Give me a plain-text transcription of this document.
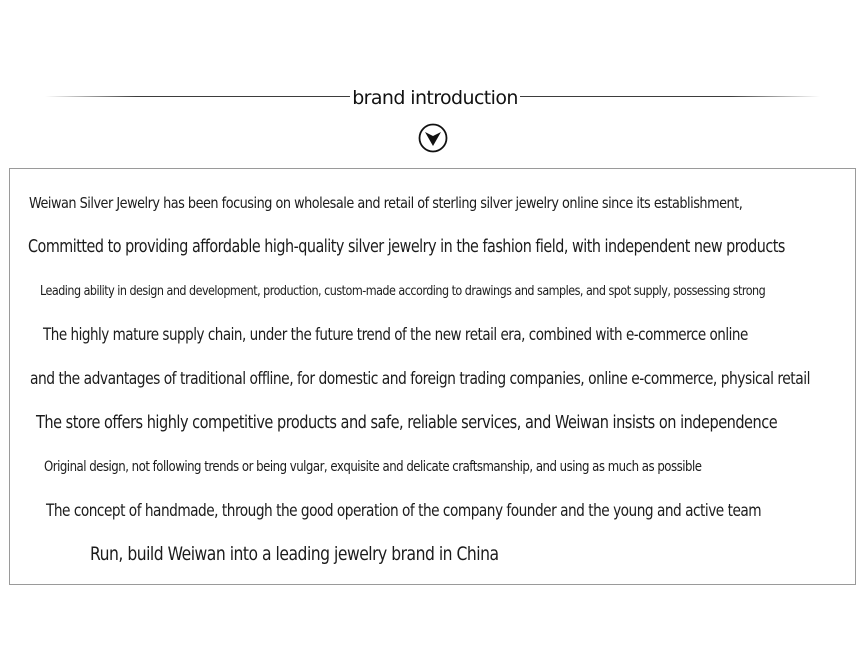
brand introduction
Weiwan Silver Jewelry has been focusing on wholesale and retail of sterling silver jewelry online since its establishment,
Committed to providing affordable high-quality silver jewelry in the fashion field, with independent new products
Leading ability in design and development, production, custom-made according to drawings and samples, and spot supply, possessing strong
The highly mature supply chain, under the future trend of the new retail era, combined with e-commerce online
and the advantages of traditional offline, for domestic and foreign trading companies, online e-commerce, physical retail
The store offers highly competitive products and safe, reliable services, and Weiwan insists on independence
Original design, not following trends or being vulgar, exquisite and delicate craftsmanship, and using as much as possible
The concept of handmade, through the good operation of the company founder and the young and active team
Run, build Weiwan into a leading jewelry brand in China
